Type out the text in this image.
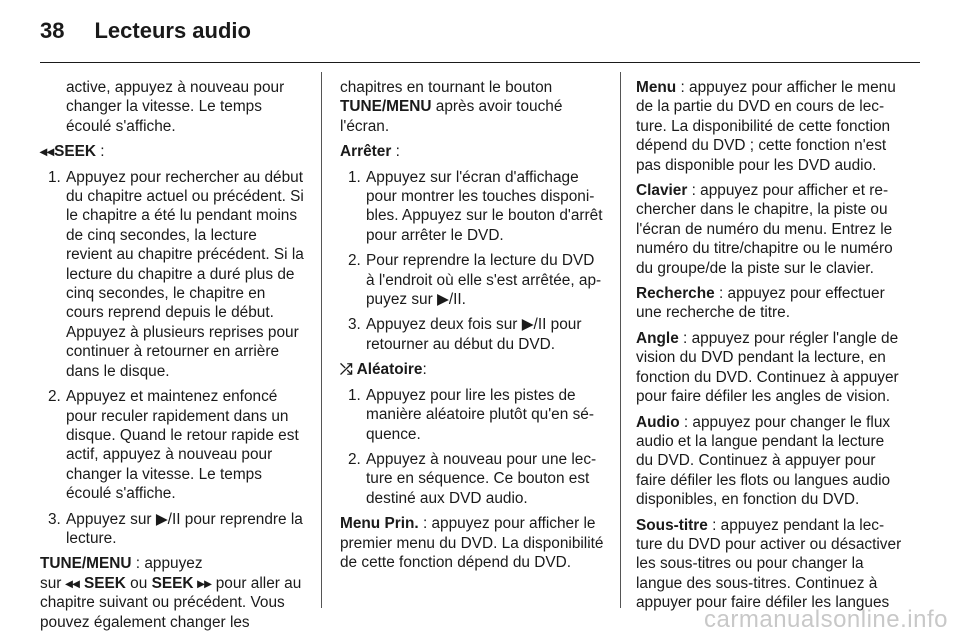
38 Lecteurs audio

active, appuyez à nouveau pour changer la vitesse. Le temps écoulé s'affiche.

◂◂SEEK :

1. Appuyez pour rechercher au début du chapitre actuel ou précédent. Si le chapitre a été lu pendant moins de cinq secondes, la lecture revient au chapitre précédent. Si la lecture du chapitre a duré plus de cinq secondes, le chapitre en cours reprend depuis le début. Appuyez à plusieurs reprises pour continuer à retourner en arrière dans le disque.
2. Appuyez et maintenez enfoncé pour reculer rapidement dans un disque. Quand le retour rapide est actif, appuyez à nouveau pour changer la vitesse. Le temps écoulé s'affiche.
3. Appuyez sur ▶/II pour reprendre la lecture.

TUNE/MENU : appuyez
sur ◂◂ SEEK ou SEEK ▸▸ pour aller au chapitre suivant ou précédent. Vous pouvez également changer les

chapitres en tournant le bouton TUNE/MENU après avoir touché l'écran.

Arrêter :

1. Appuyez sur l'écran d'affichage pour montrer les touches disponibles. Appuyez sur le bouton d'arrêt pour arrêter le DVD.
2. Pour reprendre la lecture du DVD à l'endroit où elle s'est arrêtée, appuyez sur ▶/II.
3. Appuyez deux fois sur ▶/II pour retourner au début du DVD.

⤮ Aléatoire:

1. Appuyez pour lire les pistes de manière aléatoire plutôt qu'en séquence.
2. Appuyez à nouveau pour une lecture en séquence. Ce bouton est destiné aux DVD audio.

Menu Prin. : appuyez pour afficher le premier menu du DVD. La disponibilité de cette fonction dépend du DVD.

Menu : appuyez pour afficher le menu de la partie du DVD en cours de lecture. La disponibilité de cette fonction dépend du DVD ; cette fonction n'est pas disponible pour les DVD audio.

Clavier : appuyez pour afficher et rechercher dans le chapitre, la piste ou l'écran de numéro du menu. Entrez le numéro du titre/chapitre ou le numéro du groupe/de la piste sur le clavier.

Recherche : appuyez pour effectuer une recherche de titre.

Angle : appuyez pour régler l'angle de vision du DVD pendant la lecture, en fonction du DVD. Continuez à appuyer pour faire défiler les angles de vision.

Audio : appuyez pour changer le flux audio et la langue pendant la lecture du DVD. Continuez à appuyer pour faire défiler les flots ou langues audio disponibles, en fonction du DVD.

Sous-titre : appuyez pendant la lecture du DVD pour activer ou désactiver les sous-titres ou pour changer la langue des sous-titres. Continuez à appuyer pour faire défiler les langues

carmanualsonline.info
